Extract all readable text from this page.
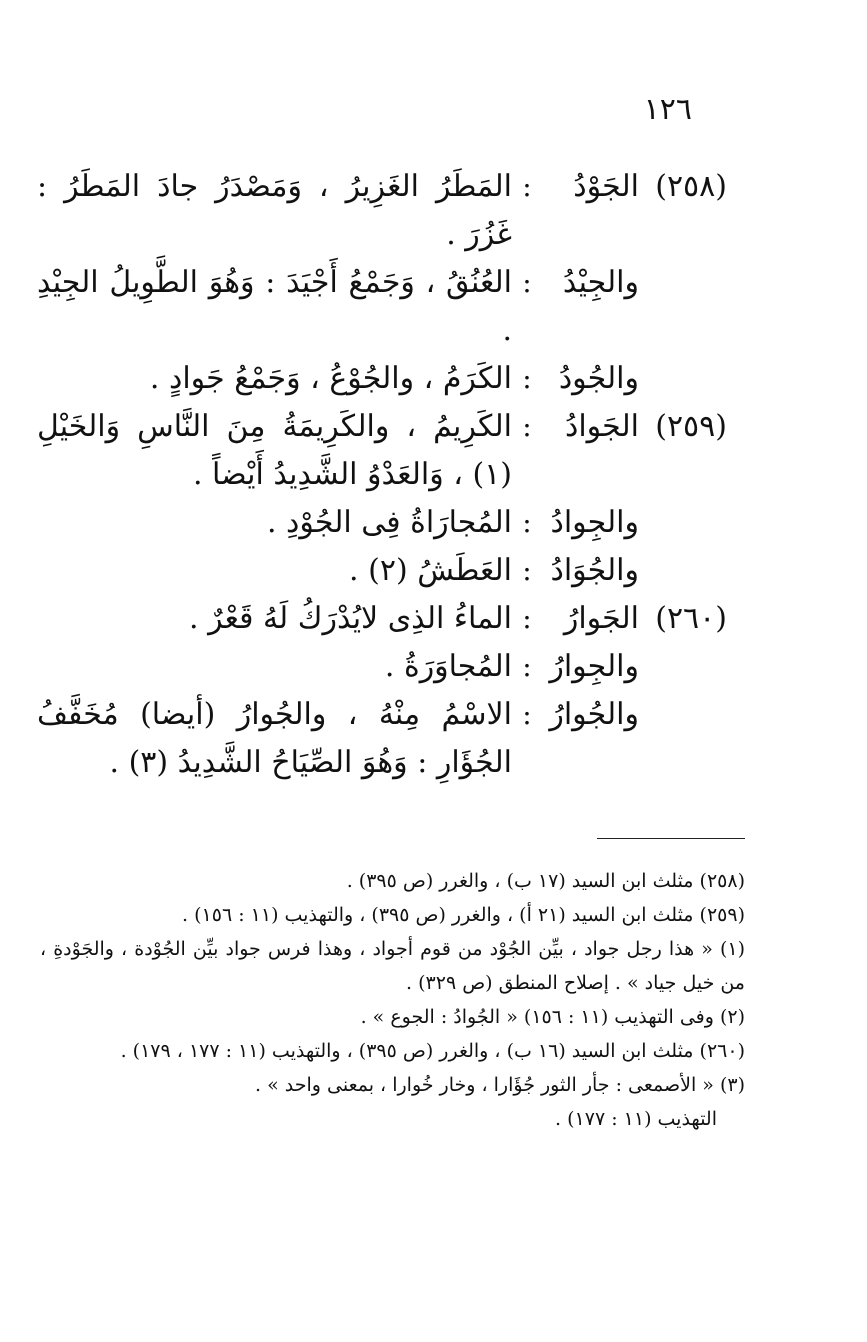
١٢٦
(٢٥٨)الجَوْدُ
:
المَطَرُ الغَزِيرُ ، وَمَصْدَرُ جادَ المَطَرُ : غَزُرَ .
والجِيْدُ
:
العُنُقُ ، وَجَمْعُ أَجْيَدَ : وَهُوَ الطَّوِيلُ الجِيْدِ .
والجُودُ
:
الكَرَمُ ، والجُوْعُ ، وَجَمْعُ جَوادٍ .
(٢٥٩)الجَوادُ
:
الكَرِيمُ ، والكَرِيمَةُ مِنَ النَّاسِ وَالخَيْلِ (١) ، وَالعَدْوُ الشَّدِيدُ أَيْضاً .
والجِوادُ
:
المُجارَاةُ فِى الجُوْدِ .
والجُوَادُ
:
العَطَشُ (٢) .
(٢٦٠)الجَوارُ
:
الماءُ الذِى لايُدْرَكُ لَهُ قَعْرٌ .
والجِوارُ
:
المُجاوَرَةُ .
والجُوارُ
:
الاسْمُ مِنْهُ ، والجُوارُ (أيضا) مُخَفَّفُ الجُؤَارِ : وَهُوَ الصِّيَاحُ الشَّدِيدُ (٣) .

(٢٥٨) مثلث ابن السيد (١٧ ب) ، والغرر (ص ٣٩٥) .

(٢٥٩) مثلث ابن السيد (٢١ أ) ، والغرر (ص ٣٩٥) ، والتهذيب (١١ : ١٥٦) .

(١) « هذا رجل جواد ، بيِّن الجُوْد من قوم أجواد ، وهذا فرس جواد بيِّن الجُوْدة ، والجَوْدةِ ، من خيل جياد » . إصلاح المنطق (ص ٣٢٩) .

(٢) وفى التهذيب (١١ : ١٥٦) « الجُوادُ : الجوع » .

(٢٦٠) مثلث ابن السيد (١٦ ب) ، والغرر (ص ٣٩٥) ، والتهذيب (١١ : ١٧٧ ، ١٧٩) .

(٣) « الأصمعى : جأر الثور جُؤَارا ، وخار خُوارا ، بمعنى واحد » .

التهذيب (١١ : ١٧٧) .
